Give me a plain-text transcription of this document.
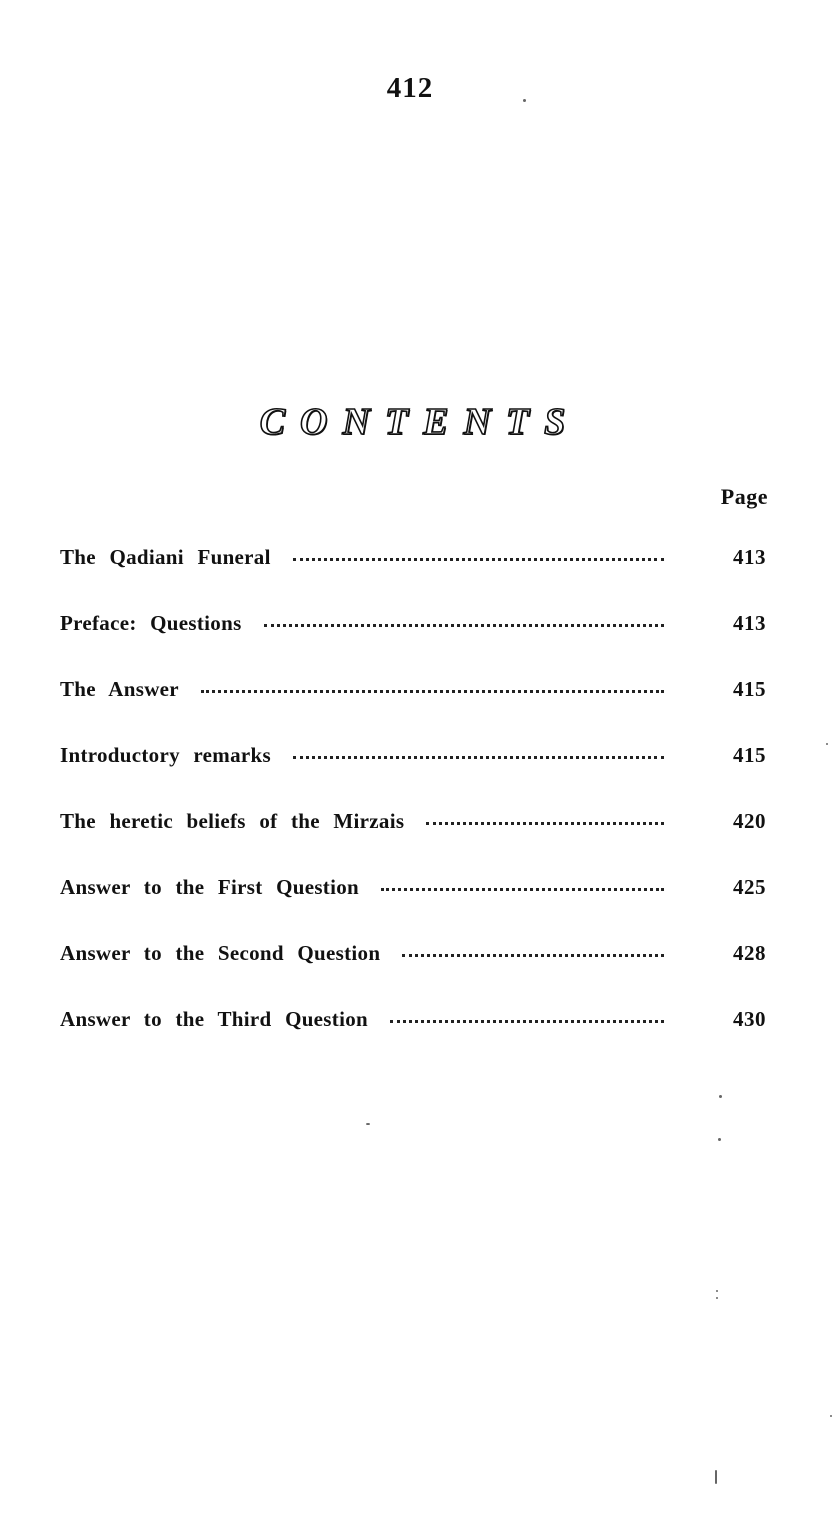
412
CONTENTS
Page
The Qadiani Funeral	413
Preface: Questions	413
The Answer	415
Introductory remarks	415
The heretic beliefs of the Mirzais	420
Answer to the First Question	425
Answer to the Second Question	428
Answer to the Third Question	430
